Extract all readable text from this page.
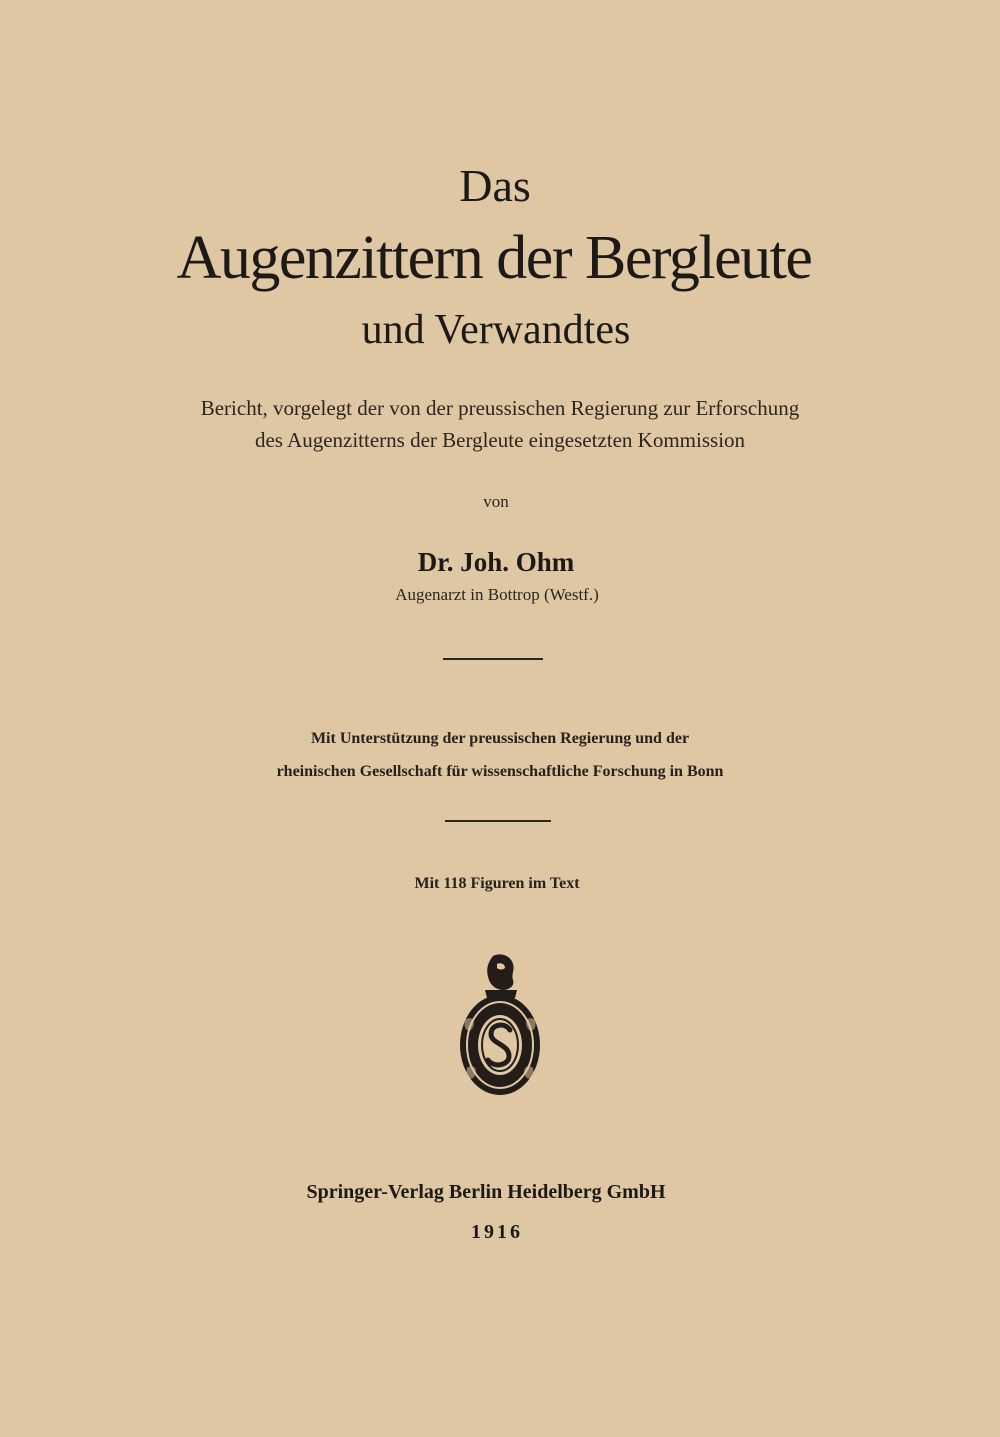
Das
Augenzittern der Bergleute
und Verwandtes
Bericht, vorgelegt der von der preussischen Regierung zur Erforschung
des Augenzitterns der Bergleute eingesetzten Kommission
von
Dr. Joh. Ohm
Augenarzt in Bottrop (Westf.)
Mit Unterstützung der preussischen Regierung und der
rheinischen Gesellschaft für wissenschaftliche Forschung in Bonn
Mit 118 Figuren im Text
Springer-Verlag Berlin Heidelberg GmbH
1916
